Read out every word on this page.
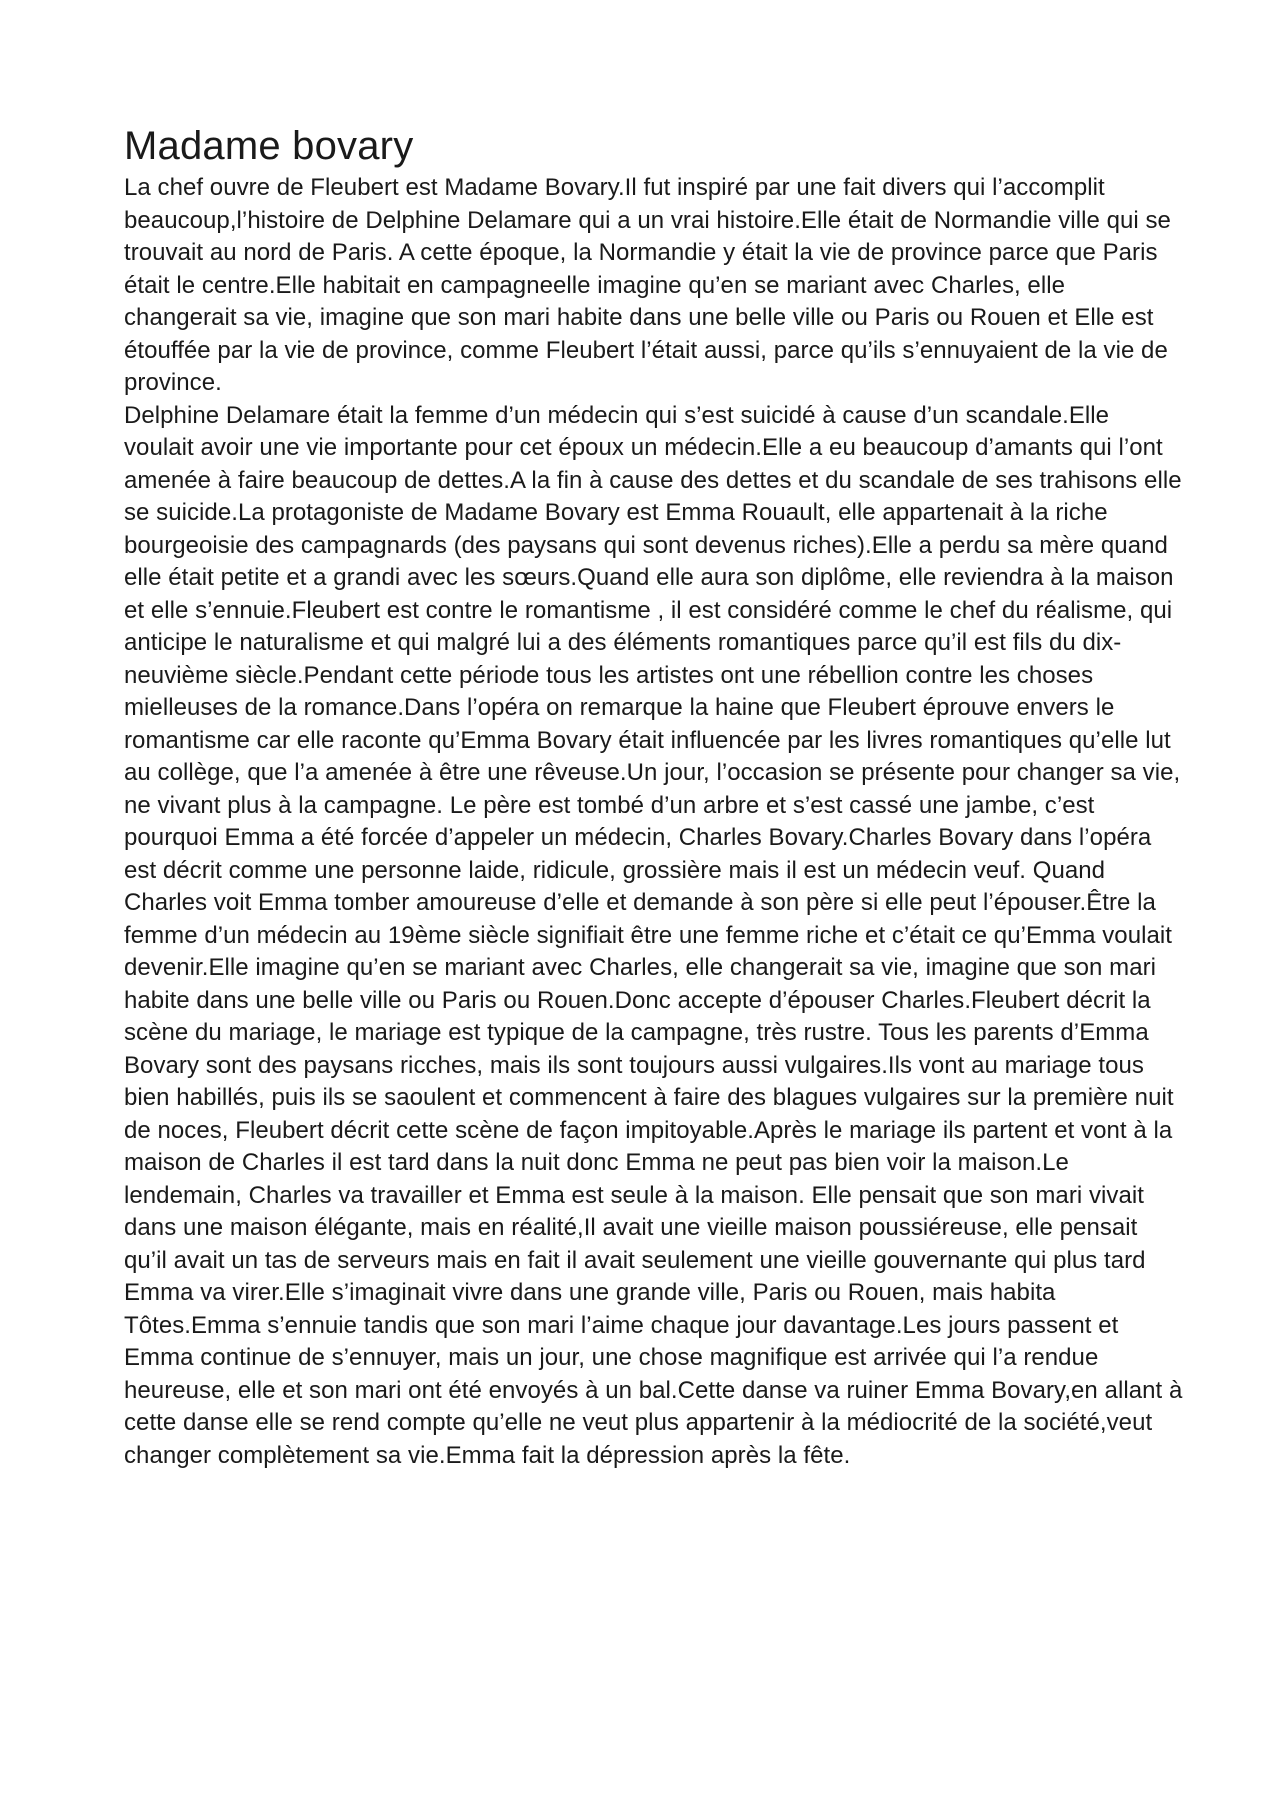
Madame bovary

La chef ouvre de Fleubert est Madame Bovary.Il fut inspiré par une fait divers qui l’accomplit beaucoup,l’histoire de Delphine Delamare qui a un vrai histoire.Elle était de Normandie ville qui se trouvait au nord de Paris. A cette époque, la Normandie y était la vie de province parce que Paris était le centre.Elle habitait en campagneelle imagine qu’en se mariant avec Charles, elle changerait sa vie, imagine que son mari habite dans une belle ville ou Paris ou Rouen et Elle est étouffée par la vie de province, comme Fleubert l’était aussi, parce qu’ils s’ennuyaient de la vie de province.

Delphine Delamare était la femme d’un médecin qui s’est suicidé à cause d’un scandale.Elle voulait avoir une vie importante pour cet époux un médecin.Elle a eu beaucoup d’amants qui l’ont amenée à faire beaucoup de dettes.A la fin à cause des dettes et du scandale de ses trahisons elle se suicide.La protagoniste de Madame Bovary est Emma Rouault, elle appartenait à la riche bourgeoisie des campagnards (des paysans qui sont devenus riches).Elle a perdu sa mère quand elle était petite et a grandi avec les sœurs.Quand elle aura son diplôme, elle reviendra à la maison et elle s’ennuie.Fleubert est contre le romantisme , il est considéré comme le chef du réalisme, qui anticipe le naturalisme et qui malgré lui a des éléments romantiques parce qu’il est fils du dix-neuvième siècle.Pendant cette période tous les artistes ont une rébellion contre les choses mielleuses de la romance.Dans l’opéra on remarque la haine que Fleubert éprouve envers le romantisme car elle raconte qu’Emma Bovary était influencée par les livres romantiques qu’elle lut au collège, que l’a amenée à être une rêveuse.Un jour, l’occasion se présente pour changer sa vie, ne vivant plus à la campagne. Le père est tombé d’un arbre et s’est cassé une jambe, c’est pourquoi Emma a été forcée d’appeler un médecin, Charles Bovary.Charles Bovary dans l’opéra est décrit comme une personne laide, ridicule, grossière mais il est un médecin veuf. Quand Charles voit Emma tomber amoureuse d’elle et demande à son père si elle peut l’épouser.Être la femme d’un médecin au 19ème siècle signifiait être une femme riche et c’était ce qu’Emma voulait devenir.Elle imagine qu’en se mariant avec Charles, elle changerait sa vie, imagine que son mari habite dans une belle ville ou Paris ou Rouen.Donc accepte d’épouser Charles.Fleubert décrit la scène du mariage, le mariage est typique de la campagne, très rustre. Tous les parents d’Emma Bovary sont des paysans ricches, mais ils sont toujours aussi vulgaires.Ils vont au mariage tous bien habillés, puis ils se saoulent et commencent à faire des blagues vulgaires sur la première nuit de noces, Fleubert décrit cette scène de façon impitoyable.Après le mariage ils partent et vont à la maison de Charles il est tard dans la nuit donc Emma ne peut pas bien voir la maison.Le lendemain, Charles va travailler et Emma est seule à la maison. Elle pensait que son mari vivait dans une maison élégante, mais en réalité,Il avait une vieille maison poussiéreuse, elle pensait qu’il avait un tas de serveurs mais en fait il avait seulement une vieille gouvernante qui plus tard Emma va virer.Elle s’imaginait vivre dans une grande ville, Paris ou Rouen, mais habita Tôtes.Emma s’ennuie tandis que son mari l’aime chaque jour davantage.Les jours passent et Emma continue de s’ennuyer, mais un jour, une chose magnifique est arrivée qui l’a rendue heureuse, elle et son mari ont été envoyés à un bal.Cette danse va ruiner Emma Bovary,en allant à cette danse elle se rend compte qu’elle ne veut plus appartenir à la médiocrité de la société,veut changer complètement sa vie.Emma fait la dépression après la fête.
